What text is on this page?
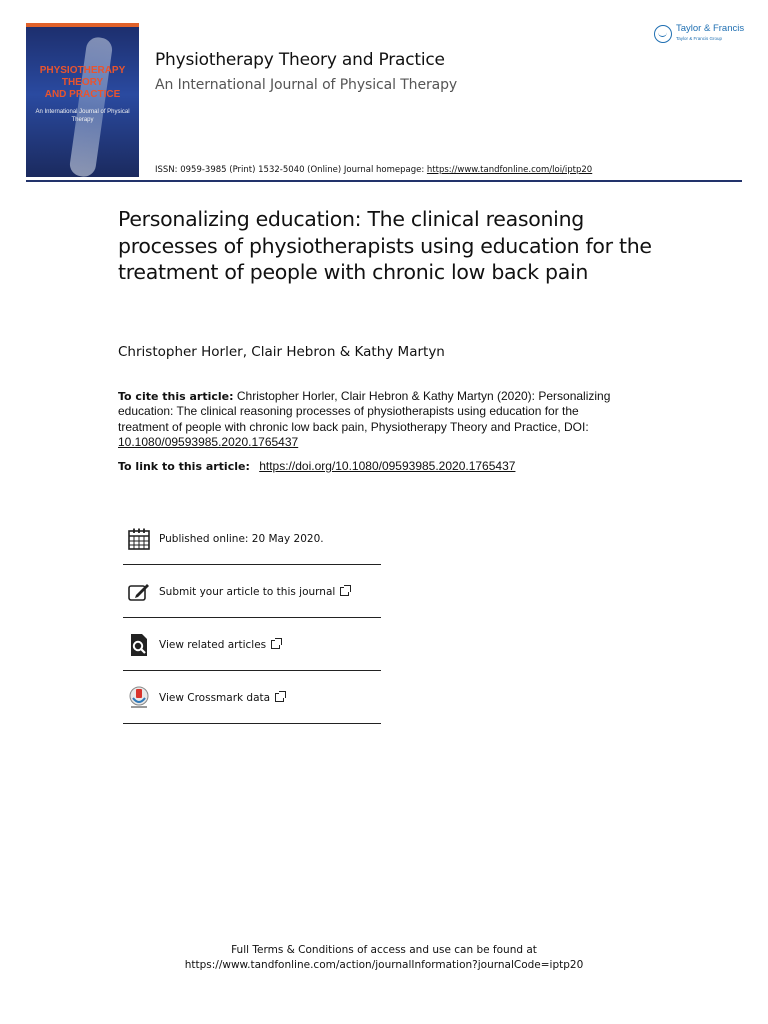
PHYSIOTHERAPY THEORY
AND PRACTICE
An International Journal of Physical Therapy
Physiotherapy Theory and Practice
An International Journal of Physical Therapy
Taylor & Francis
Taylor & Francis Group
ISSN: 0959-3985 (Print) 1532-5040 (Online) Journal homepage: https://www.tandfonline.com/loi/iptp20
Personalizing education: The clinical reasoning processes of physiotherapists using education for the treatment of people with chronic low back pain
Christopher Horler, Clair Hebron & Kathy Martyn
To cite this article: Christopher Horler, Clair Hebron & Kathy Martyn (2020): Personalizing education: The clinical reasoning processes of physiotherapists using education for the treatment of people with chronic low back pain, Physiotherapy Theory and Practice, DOI: 10.1080/09593985.2020.1765437
To link to this article: https://doi.org/10.1080/09593985.2020.1765437
Published online: 20 May 2020.
Submit your article to this journal
View related articles
View Crossmark data
Full Terms & Conditions of access and use can be found at
https://www.tandfonline.com/action/journalInformation?journalCode=iptp20
